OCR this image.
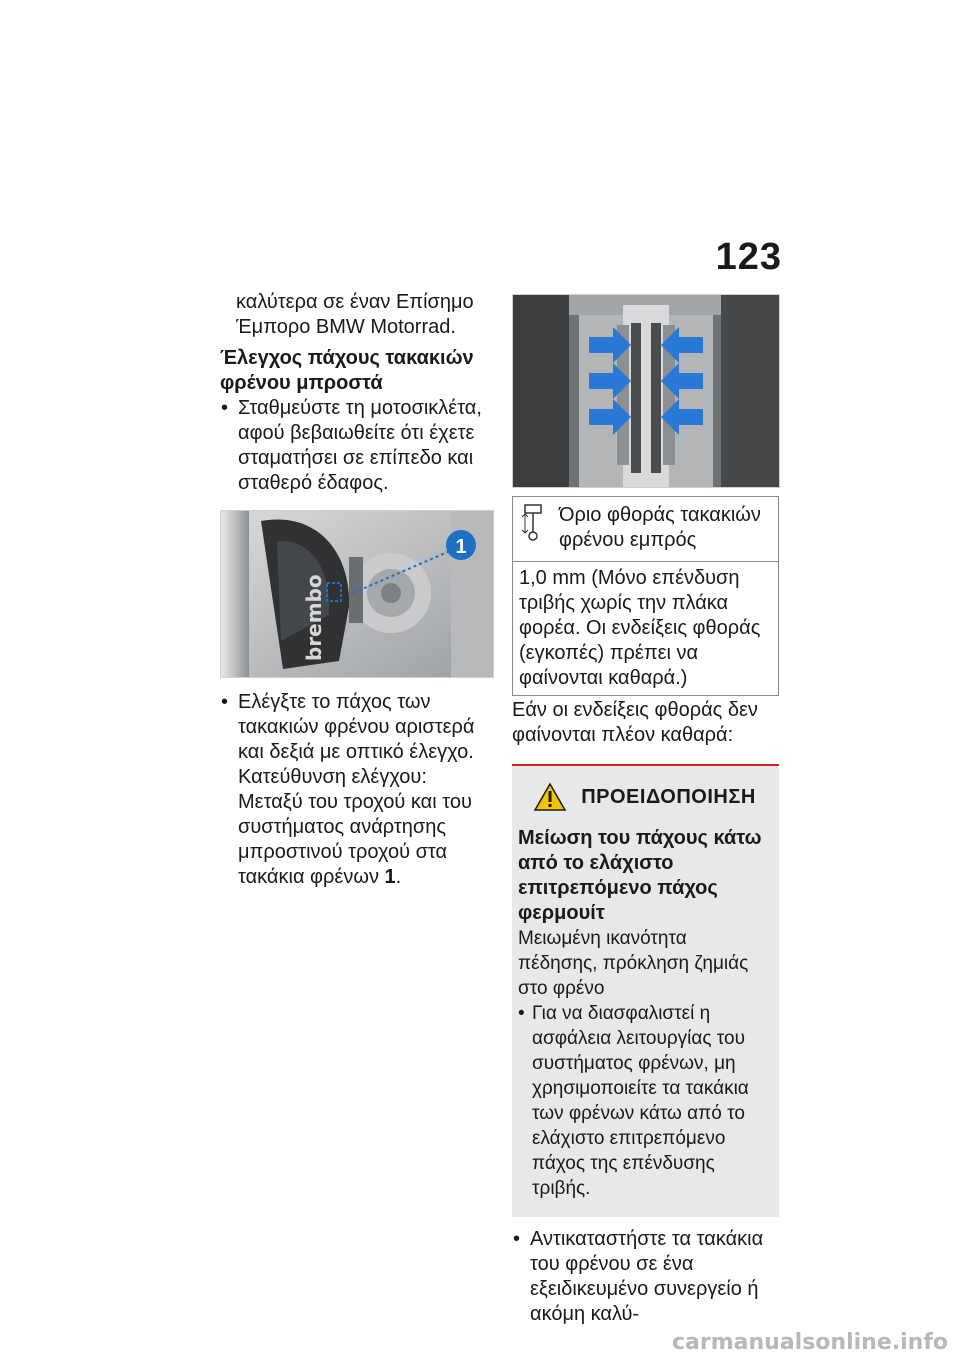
123

καλύτερα σε έναν Επίσημο Έμπορο BMW Motorrad.

Έλεγχος πάχους τακακιών φρένου μπροστά

• Σταθμεύστε τη μοτοσικλέτα, αφού βεβαιωθείτε ότι έχετε σταματήσει σε επίπεδο και σταθερό έδαφος.

brembo
1

• Ελέγξτε το πάχος των τακακιών φρένου αριστερά και δεξιά με οπτικό έλεγχο. Κατεύθυνση ελέγχου: Μεταξύ του τροχού και του συστήματος ανάρτησης μπροστινού τροχού στα τακάκια φρένων 1.

Όριο φθοράς τακακιών φρένου εμπρός

1,0 mm (Μόνο επένδυση τριβής χωρίς την πλάκα φορέα. Οι ενδείξεις φθοράς (εγκοπές) πρέπει να φαίνονται καθαρά.)

Εάν οι ενδείξεις φθοράς δεν φαίνονται πλέον καθαρά:

ΠΡΟΕΙΔΟΠΟΙΗΣΗ

Μείωση του πάχους κάτω από το ελάχιστο επιτρεπόμενο πάχος φερμουίτ

Μειωμένη ικανότητα πέδησης, πρόκληση ζημιάς στο φρένο

• Για να διασφαλιστεί η ασφάλεια λειτουργίας του συστήματος φρένων, μη χρησιμοποιείτε τα τακάκια των φρένων κάτω από το ελάχιστο επιτρεπόμενο πάχος της επένδυσης τριβής.

• Αντικαταστήστε τα τακάκια του φρένου σε ένα εξειδικευμένο συνεργείο ή ακόμη καλύ-

carmanualsonline.info
